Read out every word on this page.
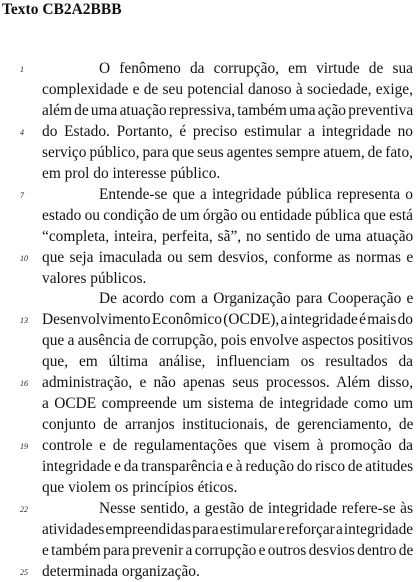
Texto CB2A2BBB
1	O fenômeno da corrupção, em virtude de sua
complexidade e de seu potencial danoso à sociedade, exige,
além de uma atuação repressiva, também uma ação preventiva
4 do Estado. Portanto, é preciso estimular a integridade no
serviço público, para que seus agentes sempre atuem, de fato,
em prol do interesse público.
7	Entende-se que a integridade pública representa o
estado ou condição de um órgão ou entidade pública que está
“completa, inteira, perfeita, sã”, no sentido de uma atuação
10 que seja imaculada ou sem desvios, conforme as normas e
valores públicos.
De acordo com a Organização para Cooperação e
13 Desenvolvimento Econômico (OCDE), a integridade é mais do
que a ausência de corrupção, pois envolve aspectos positivos
que, em última análise, influenciam os resultados da
16 administração, e não apenas seus processos. Além disso,
a OCDE compreende um sistema de integridade como um
conjunto de arranjos institucionais, de gerenciamento, de
19 controle e de regulamentações que visem à promoção da
integridade e da transparência e à redução do risco de atitudes
que violem os princípios éticos.
22	Nesse sentido, a gestão de integridade refere-se às
atividades empreendidas para estimular e reforçar a integridade
e também para prevenir a corrupção e outros desvios dentro de
25 determinada organização.
